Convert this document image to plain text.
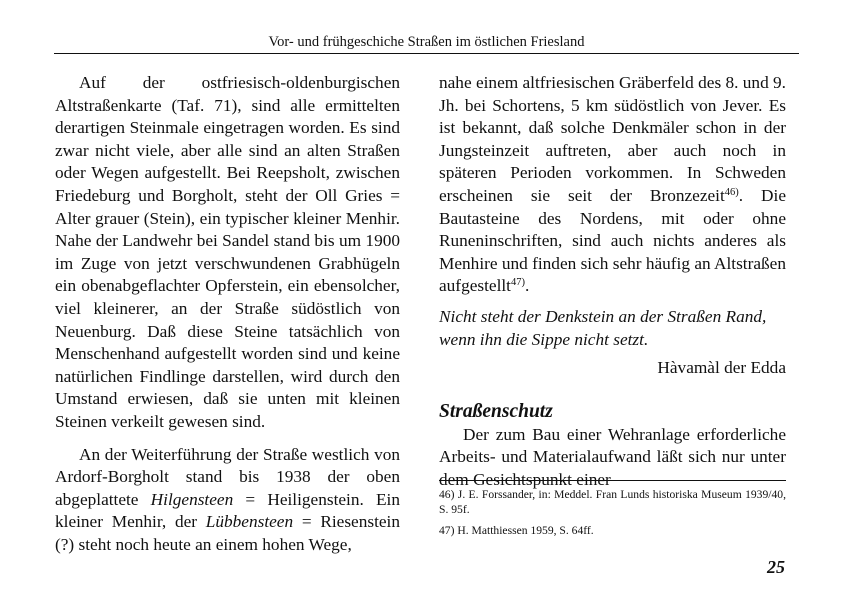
Vor- und frühgeschiche Straßen im östlichen Friesland

Auf der ostfriesisch-oldenburgischen Altstraßenkarte (Taf. 71), sind alle ermittelten derartigen Steinmale eingetragen worden. Es sind zwar nicht viele, aber alle sind an alten Straßen oder Wegen aufgestellt. Bei Reepsholt, zwischen Friedeburg und Borgholt, steht der Oll Gries = Alter grauer (Stein), ein typischer kleiner Menhir. Nahe der Landwehr bei Sandel stand bis um 1900 im Zuge von jetzt verschwundenen Grabhügeln ein obenabgeflachter Opferstein, ein ebensolcher, viel kleinerer, an der Straße südöstlich von Neuenburg. Daß diese Steine tatsächlich von Menschenhand aufgestellt worden sind und keine natürlichen Findlinge darstellen, wird durch den Umstand erwiesen, daß sie unten mit kleinen Steinen verkeilt gewesen sind.

An der Weiterführung der Straße westlich von Ardorf-Borgholt stand bis 1938 der oben abgeplattete Hilgensteen = Heiligenstein. Ein kleiner Menhir, der Lübbensteen = Riesenstein (?) steht noch heute an einem hohen Wege,

nahe einem altfriesischen Gräberfeld des 8. und 9. Jh. bei Schortens, 5 km südöstlich von Jever. Es ist bekannt, daß solche Denkmäler schon in der Jungsteinzeit auftreten, aber auch noch in späteren Perioden vorkommen. In Schweden erscheinen sie seit der Bronzezeit$^{46)}$. Die Bautasteine des Nordens, mit oder ohne Runeninschriften, sind auch nichts anderes als Menhire und finden sich sehr häufig an Altstraßen aufgestellt$^{47)}$.

Nicht steht der Denkstein an der Straßen Rand,
wenn ihn die Sippe nicht setzt.

Hàvamàl der Edda

Straßenschutz

Der zum Bau einer Wehranlage erforderliche Arbeits- und Materialaufwand läßt sich nur unter dem Gesichtspunkt einer

46) J. E. Forssander, in: Meddel. Fran Lunds historiska Museum 1939/40, S. 95f.

47) H. Matthiessen 1959, S. 64ff.

25
